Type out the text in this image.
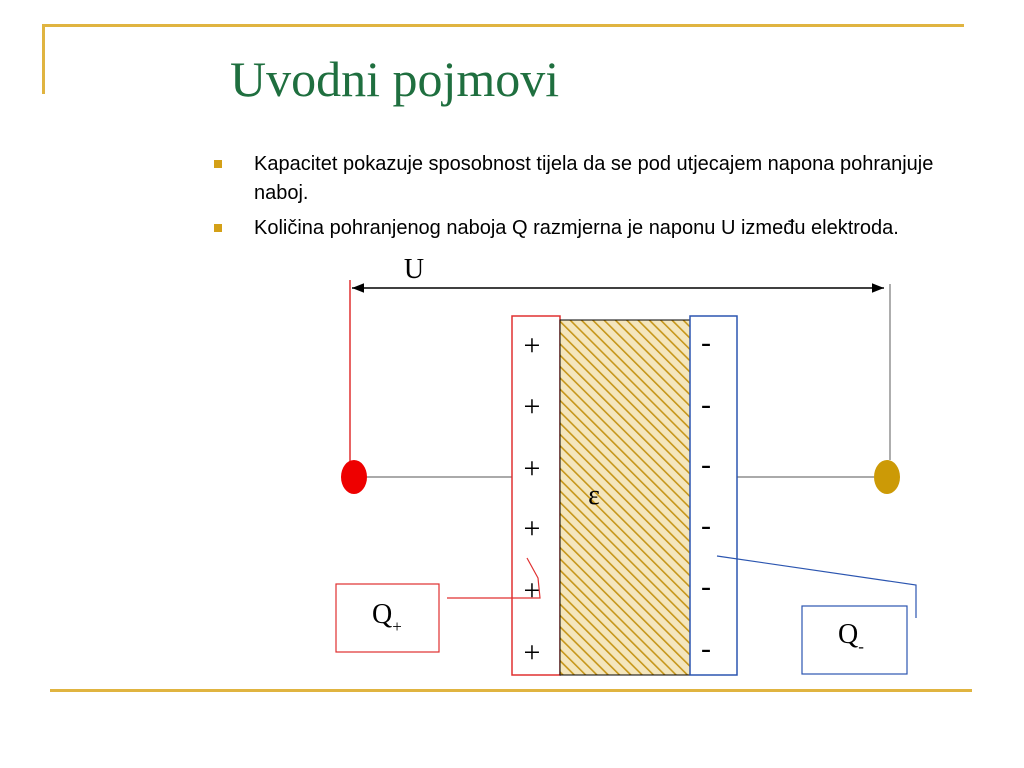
Uvodni pojmovi
Kapacitet pokazuje sposobnost tijela da se pod utjecajem napona pohranjuje naboj.
Količina pohranjenog naboja Q razmjerna je naponu U između elektroda.
U
ε
+
+
+
+
+
+
-
-
-
-
-
-
$Q_+$	$Q_-$
